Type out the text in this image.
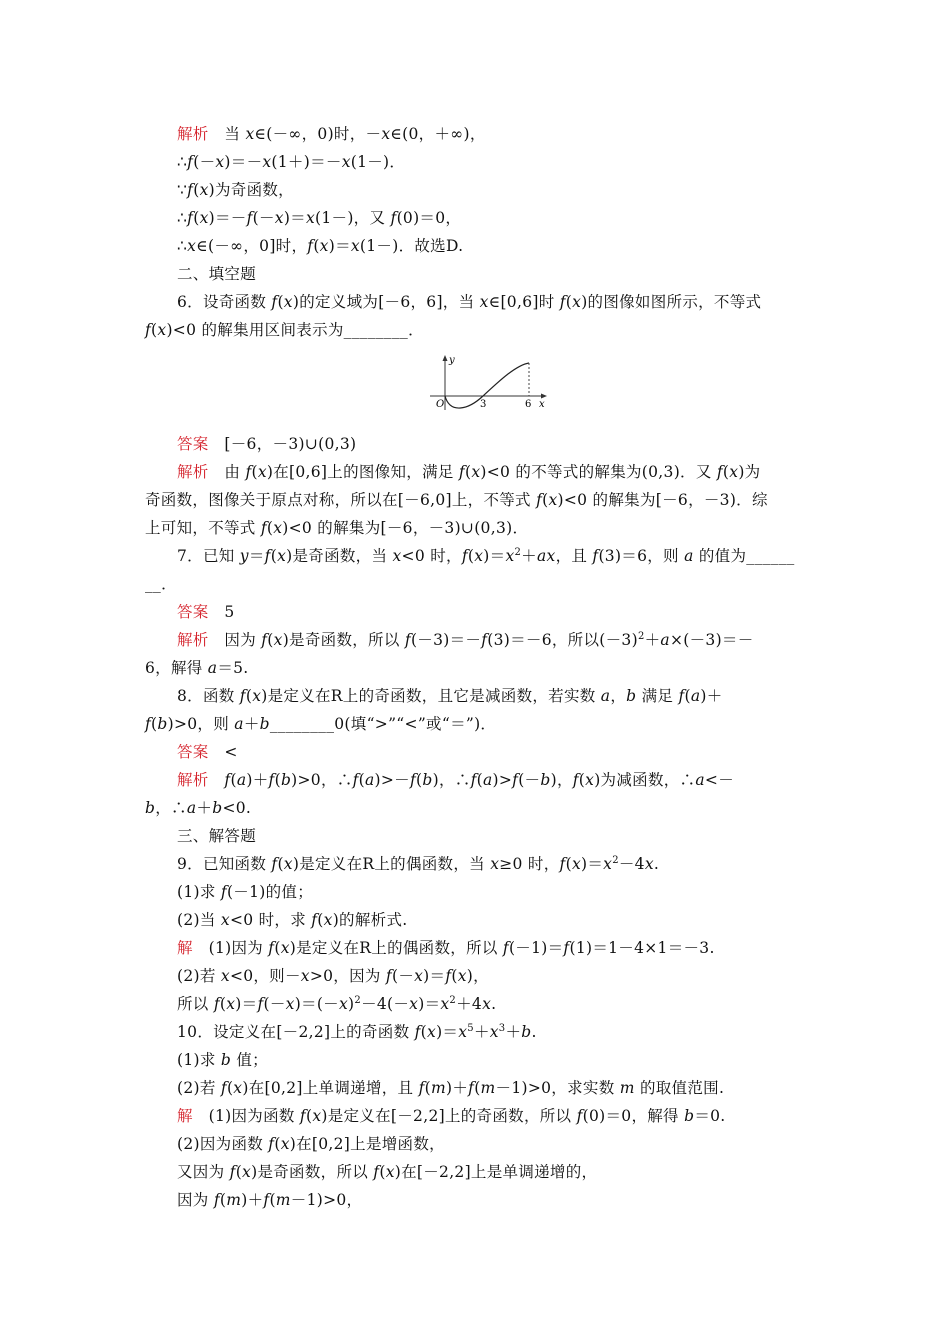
解析　当 x∈(－∞，0)时，－x∈(0，＋∞)，
∴f(－x)＝－x(1＋)＝－x(1－)．
∵f(x)为奇函数，
∴f(x)＝－f(－x)＝x(1－)，又 f(0)＝0，
∴x∈(－∞，0]时，f(x)＝x(1－)．故选D.
二、填空题
6．设奇函数 f(x)的定义域为[－6，6]，当 x∈[0,6]时 f(x)的图像如图所示，不等式
f(x)<0 的解集用区间表示为________．
答案　[－6，－3)∪(0,3)
解析　由 f(x)在[0,6]上的图像知，满足 f(x)<0 的不等式的解集为(0,3)．又 f(x)为
奇函数，图像关于原点对称，所以在[－6,0]上，不等式 f(x)<0 的解集为[－6，－3)．综
上可知，不等式 f(x)<0 的解集为[－6，－3)∪(0,3)．
7．已知 y＝f(x)是奇函数，当 x<0 时，$f(x)=x^2+ax$，且 f(3)＝6，则 a 的值为______
__．
答案　5
解析　因为 f(x)是奇函数，所以 f(－3)＝－f(3)＝－6，所以$(-3)^2+a\times(-3)=-$
6，解得 a＝5.
8．函数 f(x)是定义在R上的奇函数，且它是减函数，若实数 a，b 满足 f(a)＋
f(b)>0，则 a＋b________0(填“>”“<”或“＝”)．
答案　<
解析　 f(a)＋f(b)>0，∴f(a)>－f(b)，∴f(a)>f(－b)，f(x)为减函数，∴a<－
b，∴a＋b<0.
三、解答题
9．已知函数 f(x)是定义在R上的偶函数，当 x≥0 时，$f(x)=x^2-4x$.
(1)求 f(－1)的值；
(2)当 x<0 时，求 f(x)的解析式.
解　(1)因为 f(x)是定义在R上的偶函数，所以 f(－1)＝f(1)＝1－4×1＝－3.
(2)若 x<0，则－x>0，因为 f(－x)＝f(x)，
所以 $f(x)=f(-x)=(-x)^2-4(-x)=x^2+4x$.
10．设定义在[－2,2]上的奇函数 $f(x)=x^5+x^3+b$.
(1)求 b 值；
(2)若 f(x)在[0,2]上单调递增，且 f(m)＋f(m－1)>0，求实数 m 的取值范围.
解　(1)因为函数 f(x)是定义在[－2,2]上的奇函数，所以 f(0)＝0，解得 b＝0.
(2)因为函数 f(x)在[0,2]上是增函数，
又因为 f(x)是奇函数，所以 f(x)在[－2,2]上是单调递增的，
因为 f(m)＋f(m－1)>0，
y
x
O	3	6
